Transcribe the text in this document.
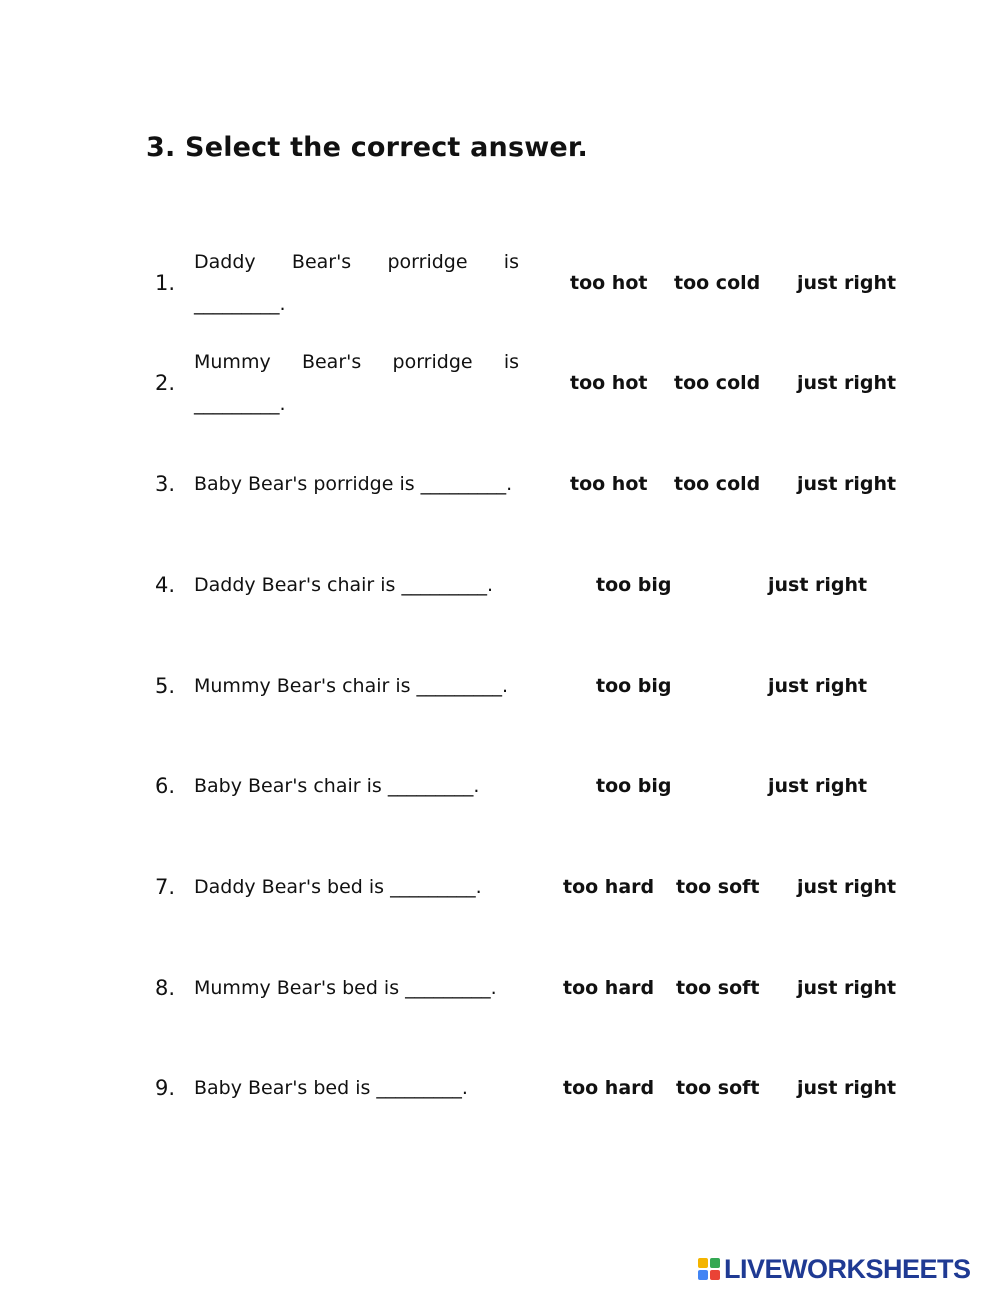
3. Select the correct answer.
1.
Daddy Bear's porridge is
_________.
too hot too cold just right
2.
Mummy Bear's porridge is
_________.
too hot too cold just right
3. Baby Bear's porridge is _________.	too hot too cold just right
4. Daddy Bear's chair is _________.	too big	just right
5. Mummy Bear's chair is _________.	too big	just right
6. Baby Bear's chair is _________.	too big	just right
7. Daddy Bear's bed is _________.	too hard too soft just right
8. Mummy Bear's bed is _________.	too hard too soft just right
9. Baby Bear's bed is _________.	too hard too soft just right
LIVEWORKSHEETS
